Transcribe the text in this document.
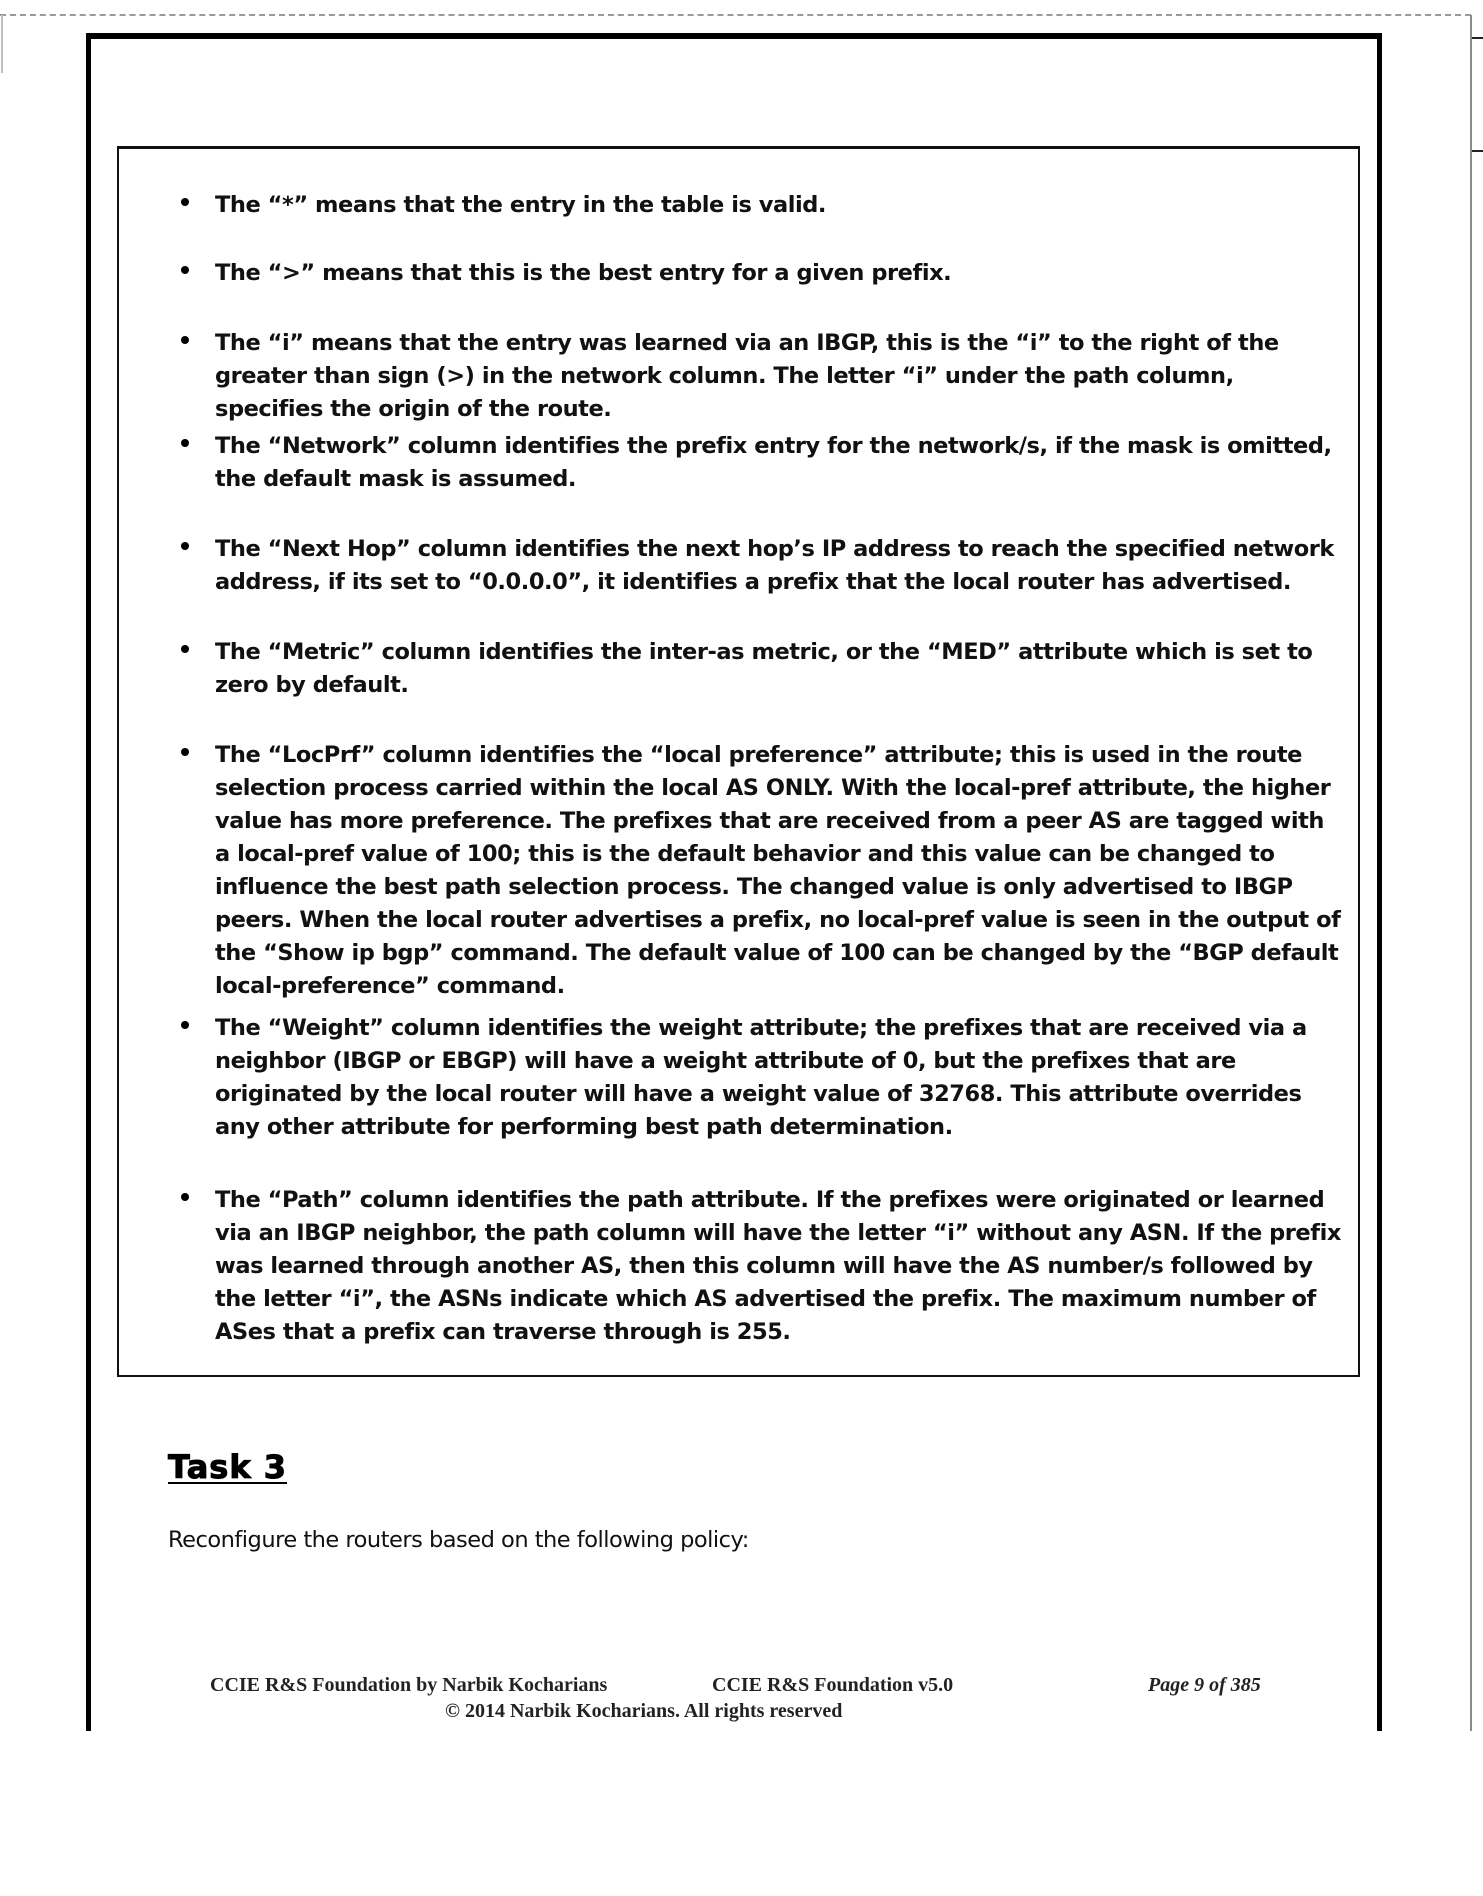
The “*” means that the entry in the table is valid.
The “>” means that this is the best entry for a given prefix.
The “i” means that the entry was learned via an IBGP, this is the “i” to the right of the greater than sign (>) in the network column. The letter “i” under the path column, specifies the origin of the route.
The “Network” column identifies the prefix entry for the network/s, if the mask is omitted, the default mask is assumed.
The “Next Hop” column identifies the next hop’s IP address to reach the specified network address, if its set to “0.0.0.0”, it identifies a prefix that the local router has advertised.
The “Metric” column identifies the inter-as metric, or the “MED” attribute which is set to zero by default.
The “LocPrf” column identifies the “local preference” attribute; this is used in the route selection process carried within the local AS ONLY. With the local-pref attribute, the higher value has more preference. The prefixes that are received from a peer AS are tagged with a local-pref value of 100; this is the default behavior and this value can be changed to influence the best path selection process. The changed value is only advertised to IBGP peers. When the local router advertises a prefix, no local-pref value is seen in the output of the “Show ip bgp” command. The default value of 100 can be changed by the “BGP default local-preference” command.
The “Weight” column identifies the weight attribute; the prefixes that are received via a neighbor (IBGP or EBGP) will have a weight attribute of 0, but the prefixes that are originated by the local router will have a weight value of 32768. This attribute overrides any other attribute for performing best path determination.
The “Path” column identifies the path attribute. If the prefixes were originated or learned via an IBGP neighbor, the path column will have the letter “i” without any ASN. If the prefix was learned through another AS, then this column will have the AS number/s followed by the letter “i”, the ASNs indicate which AS advertised the prefix. The maximum number of ASes that a prefix can traverse through is 255.
Task 3
Reconfigure the routers based on the following policy:
CCIE R&S Foundation by Narbik Kocharians	CCIE R&S Foundation v5.0	Page 9 of 385
© 2014 Narbik Kocharians. All rights reserved
